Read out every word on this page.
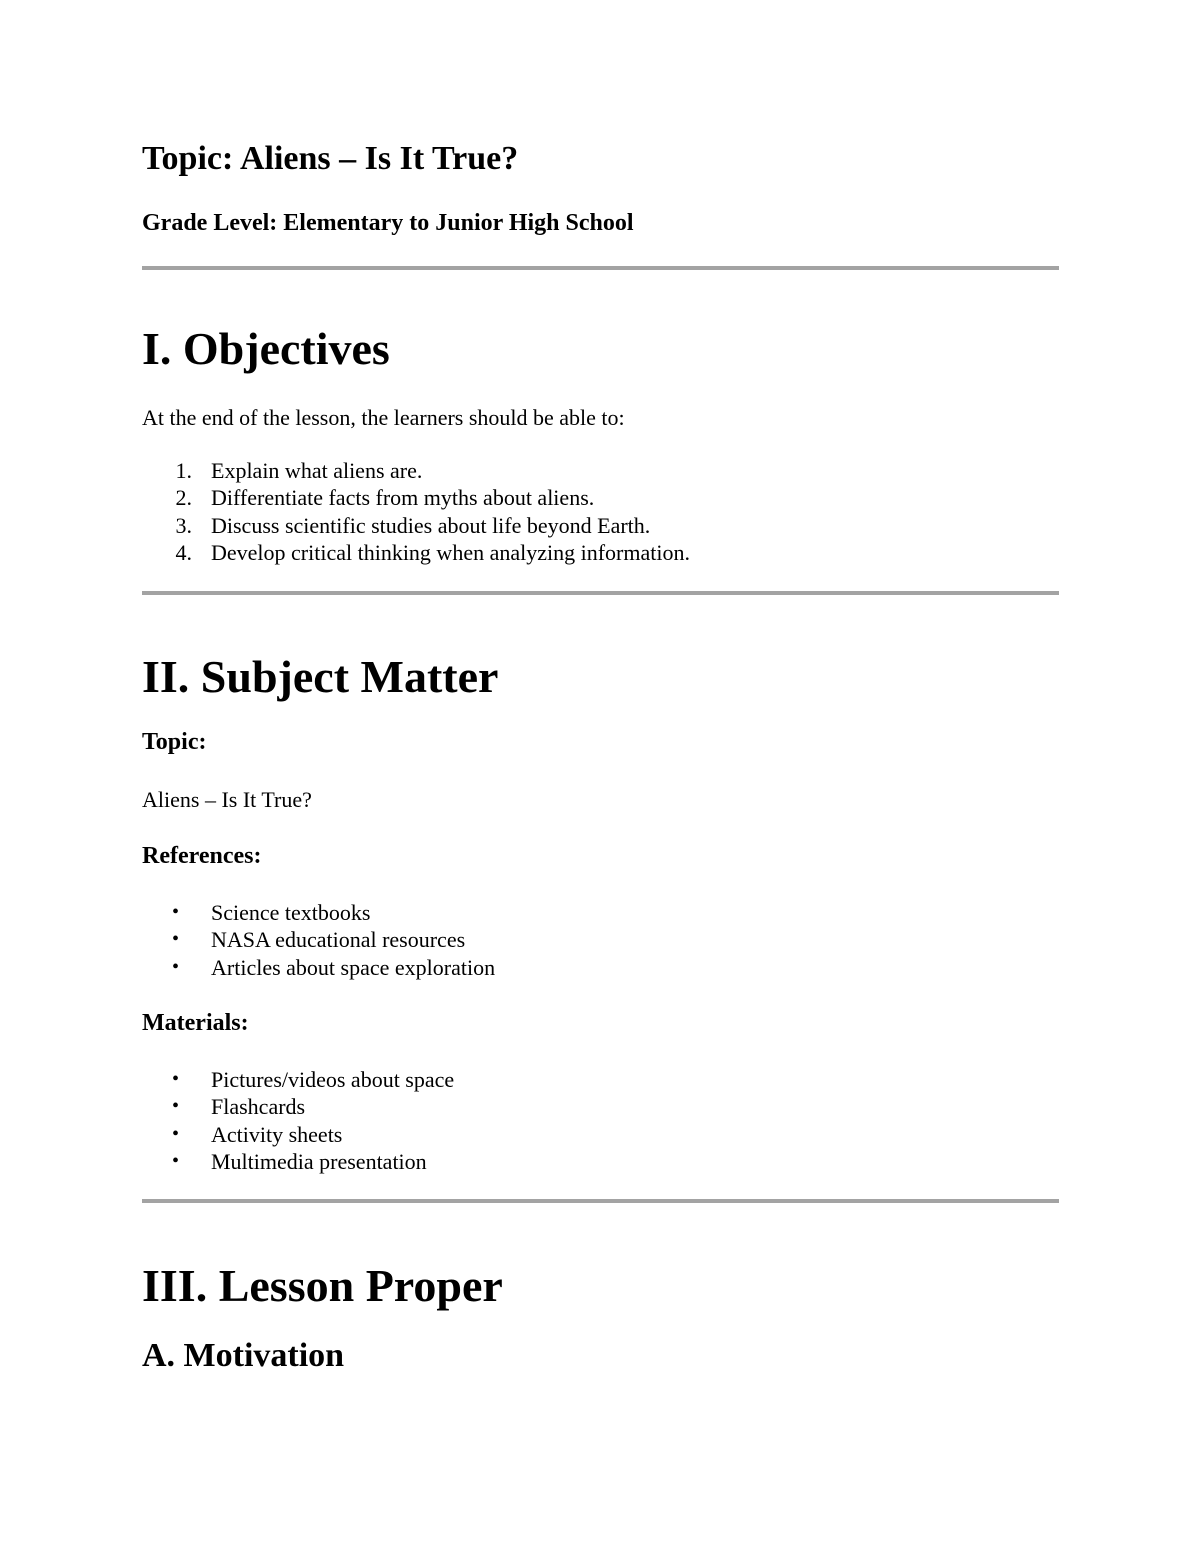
Topic: Aliens – Is It True?
Grade Level: Elementary to Junior High School
I. Objectives
At the end of the lesson, the learners should be able to:
1. Explain what aliens are.
2. Differentiate facts from myths about aliens.
3. Discuss scientific studies about life beyond Earth.
4. Develop critical thinking when analyzing information.
II. Subject Matter
Topic:
Aliens – Is It True?
References:
• Science textbooks
• NASA educational resources
• Articles about space exploration
Materials:
• Pictures/videos about space
• Flashcards
• Activity sheets
• Multimedia presentation
III. Lesson Proper
A. Motivation
